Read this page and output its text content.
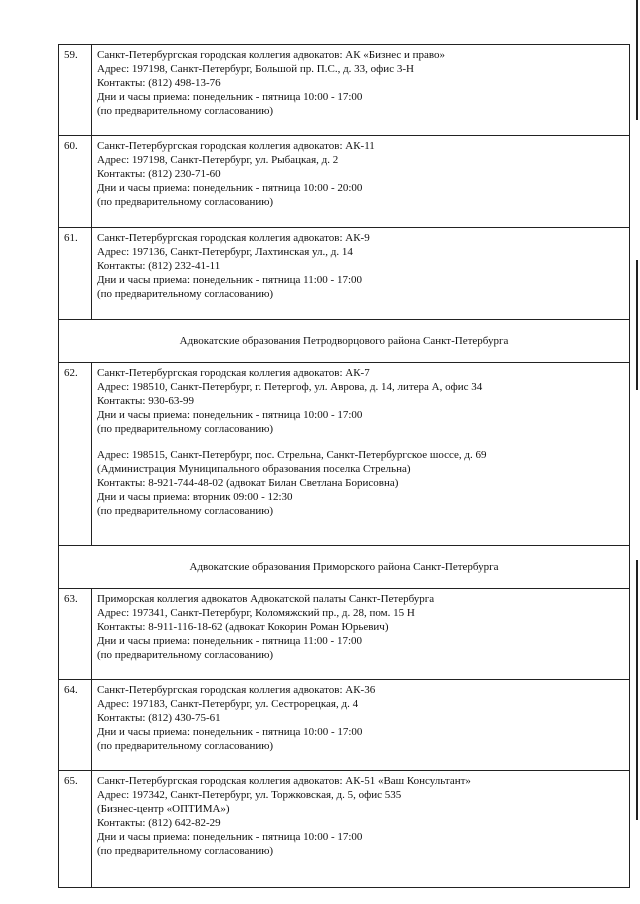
59.	Санкт-Петербургская городская коллегия адвокатов: АК «Бизнес и право»
Адрес: 197198, Санкт-Петербург, Большой пр. П.С., д. 33, офис 3-Н
Контакты: (812) 498-13-76
Дни и часы приема: понедельник - пятница 10:00 - 17:00
(по предварительному согласованию)
60.	Санкт-Петербургская городская коллегия адвокатов: АК-11
Адрес: 197198, Санкт-Петербург, ул. Рыбацкая, д. 2
Контакты: (812) 230-71-60
Дни и часы приема: понедельник - пятница 10:00 - 20:00
(по предварительному согласованию)
61.	Санкт-Петербургская городская коллегия адвокатов: АК-9
Адрес: 197136, Санкт-Петербург, Лахтинская ул., д. 14
Контакты: (812) 232-41-11
Дни и часы приема: понедельник - пятница 11:00 - 17:00
(по предварительному согласованию)
Адвокатские образования Петродворцового района Санкт-Петербурга
62.	Санкт-Петербургская городская коллегия адвокатов: АК-7
Адрес: 198510, Санкт-Петербург, г. Петергоф, ул. Аврова, д. 14, литера А, офис 34
Контакты: 930-63-99
Дни и часы приема: понедельник - пятница 10:00 - 17:00
(по предварительному согласованию)
Адрес: 198515, Санкт-Петербург, пос. Стрельна, Санкт-Петербургское шоссе, д. 69
(Администрация Муниципального образования поселка Стрельна)
Контакты: 8-921-744-48-02 (адвокат Билан Светлана Борисовна)
Дни и часы приема: вторник 09:00 - 12:30
(по предварительному согласованию)
Адвокатские образования Приморского района Санкт-Петербурга
63.	Приморская коллегия адвокатов Адвокатской палаты Санкт-Петербурга
Адрес: 197341, Санкт-Петербург, Коломяжский пр., д. 28, пом. 15 Н
Контакты: 8-911-116-18-62 (адвокат Кокорин Роман Юрьевич)
Дни и часы приема: понедельник - пятница 11:00 - 17:00
(по предварительному согласованию)
64.	Санкт-Петербургская городская коллегия адвокатов: АК-36
Адрес: 197183, Санкт-Петербург, ул. Сестрорецкая, д. 4
Контакты: (812) 430-75-61
Дни и часы приема: понедельник - пятница 10:00 - 17:00
(по предварительному согласованию)
65.	Санкт-Петербургская городская коллегия адвокатов: АК-51 «Ваш Консультант»
Адрес: 197342, Санкт-Петербург, ул. Торжковская, д. 5, офис 535
(Бизнес-центр «ОПТИМА»)
Контакты: (812) 642-82-29
Дни и часы приема: понедельник - пятница 10:00 - 17:00
(по предварительному согласованию)
